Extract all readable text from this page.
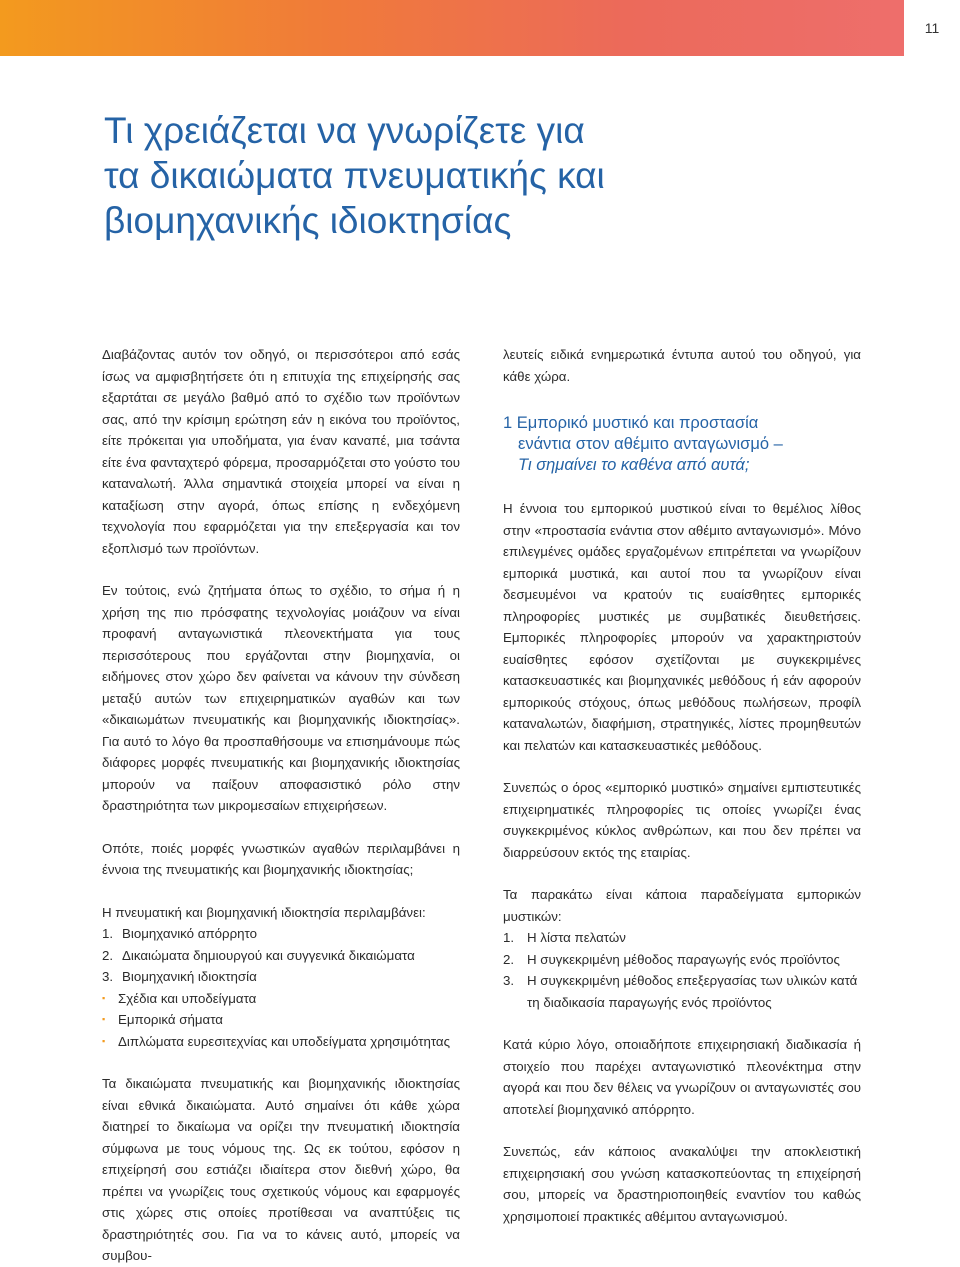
11
Τι χρειάζεται να γνωρίζετε για
τα δικαιώματα πνευματικής και
βιομηχανικής ιδιοκτησίας

Διαβάζοντας αυτόν τον οδηγό, οι περισσότεροι από εσάς ίσως να αμφισβητήσετε ότι η επιτυχία της επιχείρησής σας εξαρτάται σε μεγάλο βαθμό από το σχέδιο των προϊόντων σας, από την κρίσιμη ερώτηση εάν η εικόνα του προϊόντος, είτε πρόκειται για υποδήματα, για έναν καναπέ, μια τσάντα είτε ένα φανταχτερό φόρεμα, προσαρμόζεται στο γούστο του καταναλωτή. Άλλα σημαντικά στοιχεία μπορεί να είναι η καταξίωση στην αγορά, όπως επίσης η ενδεχόμενη τεχνολογία που εφαρμόζεται για την επεξεργασία και τον εξοπλισμό των προϊόντων.

Εν τούτοις, ενώ ζητήματα όπως το σχέδιο, το σήμα ή η χρήση της πιο πρόσφατης τεχνολογίας μοιάζουν να είναι προφανή ανταγωνιστικά πλεονεκτήματα για τους περισσότερους που εργάζονται στην βιομηχανία, οι ειδήμονες στον χώρο δεν φαίνεται να κάνουν την σύνδεση μεταξύ αυτών των επιχειρηματικών αγαθών και των «δικαιωμάτων πνευματικής και βιομηχανικής ιδιοκτησίας». Για αυτό το λόγο θα προσπαθήσουμε να επισημάνουμε πώς διάφορες μορφές πνευματικής και βιομηχανικής ιδιοκτησίας μπορούν να παίξουν αποφασιστικό ρόλο στην δραστηριότητα των μικρομεσαίων επιχειρήσεων.

Οπότε, ποιές μορφές γνωστικών αγαθών περιλαμβάνει η έννοια της πνευματικής και βιομηχανικής ιδιοκτησίας;

Η πνευματική και βιομηχανική ιδιοκτησία περιλαμβάνει:

1. Βιομηχανικό απόρρητο
2. Δικαιώματα δημιουργού και συγγενικά δικαιώματα
3. Βιομηχανική ιδιοκτησία
▪ Σχέδια και υποδείγματα
▪ Εμπορικά σήματα
▪ Διπλώματα ευρεσιτεχνίας και υποδείγματα χρησιμότητας

Τα δικαιώματα πνευματικής και βιομηχανικής ιδιοκτησίας είναι εθνικά δικαιώματα. Αυτό σημαίνει ότι κάθε χώρα διατηρεί το δικαίωμα να ορίζει την πνευματική ιδιοκτησία σύμφωνα με τους νόμους της. Ως εκ τούτου, εφόσον η επιχείρησή σου εστιάζει ιδιαίτερα στον διεθνή χώρο, θα πρέπει να γνωρίζεις τους σχετικούς νόμους και εφαρμογές στις χώρες στις οποίες προτίθεσαι να αναπτύξεις τις δραστηριότητές σου. Για να το κάνεις αυτό, μπορείς να συμβου-

λευτείς ειδικά ενημερωτικά έντυπα αυτού του οδηγού, για κάθε χώρα.

1 Εμπορικό μυστικό και προστασία
ενάντια στον αθέμιτο ανταγωνισμό –
Τι σημαίνει το καθένα από αυτά;

Η έννοια του εμπορικού μυστικού είναι το θεμέλιος λίθος στην «προστασία ενάντια στον αθέμιτο ανταγωνισμό». Μόνο επιλεγμένες ομάδες εργαζομένων επιτρέπεται να γνωρίζουν εμπορικά μυστικά, και αυτοί που τα γνωρίζουν είναι δεσμευμένοι να κρατούν τις ευαίσθητες εμπορικές πληροφορίες μυστικές με συμβατικές διευθετήσεις. Εμπορικές πληροφορίες μπορούν να χαρακτηριστούν ευαίσθητες εφόσον σχετίζονται με συγκεκριμένες κατασκευαστικές και βιομηχανικές μεθόδους ή εάν αφορούν εμπορικούς στόχους, όπως μεθόδους πωλήσεων, προφίλ καταναλωτών, διαφήμιση, στρατηγικές, λίστες προμηθευτών και πελατών και κατασκευαστικές μεθόδους.

Συνεπώς ο όρος «εμπορικό μυστικό» σημαίνει εμπιστευτικές επιχειρηματικές πληροφορίες τις οποίες γνωρίζει ένας συγκεκριμένος κύκλος ανθρώπων, και που δεν πρέπει να διαρρεύσουν εκτός της εταιρίας.

Τα παρακάτω είναι κάποια παραδείγματα εμπορικών μυστικών:

1. Η λίστα πελατών
2. Η συγκεκριμένη μέθοδος παραγωγής ενός προϊόντος
3. Η συγκεκριμένη μέθοδος επεξεργασίας των υλικών κατά τη διαδικασία παραγωγής ενός προϊόντος

Κατά κύριο λόγο, οποιαδήποτε επιχειρησιακή διαδικασία ή στοιχείο που παρέχει ανταγωνιστικό πλεονέκτημα στην αγορά και που δεν θέλεις να γνωρίζουν οι ανταγωνιστές σου αποτελεί βιομηχανικό απόρρητο.

Συνεπώς, εάν κάποιος ανακαλύψει την αποκλειστική επιχειρησιακή σου γνώση κατασκοπεύοντας τη επιχείρησή σου, μπορείς να δραστηριοποιηθείς εναντίον του καθώς χρησιμοποιεί πρακτικές αθέμιτου ανταγωνισμού.
